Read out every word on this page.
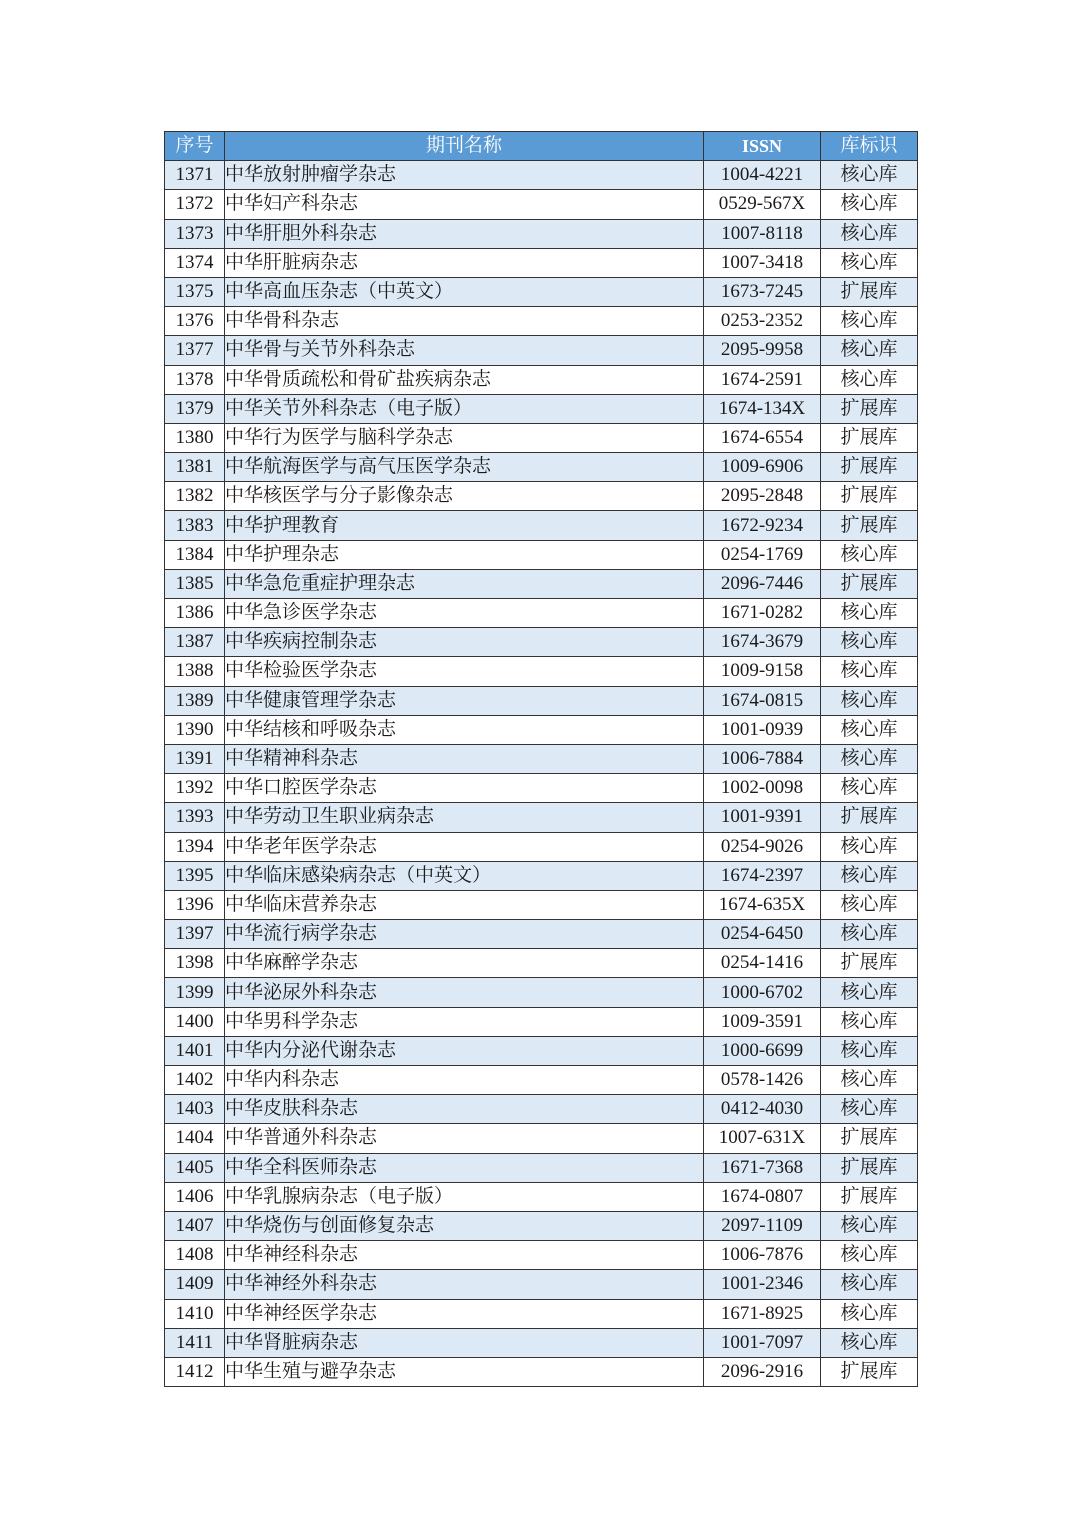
序号	期刊名称	ISSN	库标识
1371	中华放射肿瘤学杂志	1004-4221	核心库
1372	中华妇产科杂志	0529-567X	核心库
1373	中华肝胆外科杂志	1007-8118	核心库
1374	中华肝脏病杂志	1007-3418	核心库
1375	中华高血压杂志（中英文）	1673-7245	扩展库
1376	中华骨科杂志	0253-2352	核心库
1377	中华骨与关节外科杂志	2095-9958	核心库
1378	中华骨质疏松和骨矿盐疾病杂志	1674-2591	核心库
1379	中华关节外科杂志（电子版）	1674-134X	扩展库
1380	中华行为医学与脑科学杂志	1674-6554	扩展库
1381	中华航海医学与高气压医学杂志	1009-6906	扩展库
1382	中华核医学与分子影像杂志	2095-2848	扩展库
1383	中华护理教育	1672-9234	扩展库
1384	中华护理杂志	0254-1769	核心库
1385	中华急危重症护理杂志	2096-7446	扩展库
1386	中华急诊医学杂志	1671-0282	核心库
1387	中华疾病控制杂志	1674-3679	核心库
1388	中华检验医学杂志	1009-9158	核心库
1389	中华健康管理学杂志	1674-0815	核心库
1390	中华结核和呼吸杂志	1001-0939	核心库
1391	中华精神科杂志	1006-7884	核心库
1392	中华口腔医学杂志	1002-0098	核心库
1393	中华劳动卫生职业病杂志	1001-9391	扩展库
1394	中华老年医学杂志	0254-9026	核心库
1395	中华临床感染病杂志（中英文）	1674-2397	核心库
1396	中华临床营养杂志	1674-635X	核心库
1397	中华流行病学杂志	0254-6450	核心库
1398	中华麻醉学杂志	0254-1416	扩展库
1399	中华泌尿外科杂志	1000-6702	核心库
1400	中华男科学杂志	1009-3591	核心库
1401	中华内分泌代谢杂志	1000-6699	核心库
1402	中华内科杂志	0578-1426	核心库
1403	中华皮肤科杂志	0412-4030	核心库
1404	中华普通外科杂志	1007-631X	扩展库
1405	中华全科医师杂志	1671-7368	扩展库
1406	中华乳腺病杂志（电子版）	1674-0807	扩展库
1407	中华烧伤与创面修复杂志	2097-1109	核心库
1408	中华神经科杂志	1006-7876	核心库
1409	中华神经外科杂志	1001-2346	核心库
1410	中华神经医学杂志	1671-8925	核心库
1411	中华肾脏病杂志	1001-7097	核心库
1412	中华生殖与避孕杂志	2096-2916	扩展库
